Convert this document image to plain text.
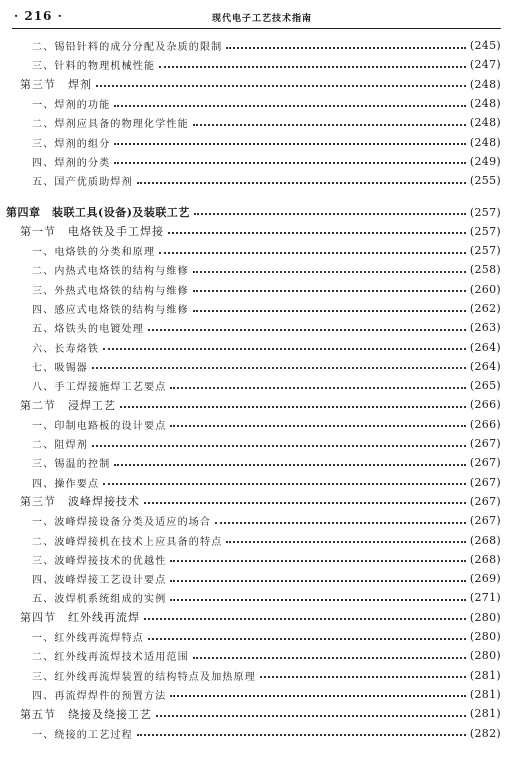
· 216 ·	现代电子工艺技术指南
二、锡铅针料的成分分配及杂质的限制	(245)
三、针料的物理机械性能	(247)
第三节　焊剂	(248)
一、焊剂的功能	(248)
二、焊剂应具备的物理化学性能	(248)
三、焊剂的组分	(248)
四、焊剂的分类	(249)
五、国产优质助焊剂	(255)
第四章　装联工具(设备)及装联工艺	(257)
第一节　电烙铁及手工焊接	(257)
一、电烙铁的分类和原理	(257)
二、内热式电烙铁的结构与维修	(258)
三、外热式电烙铁的结构与维修	(260)
四、感应式电烙铁的结构与维修	(262)
五、烙铁头的电镀处理	(263)
六、长寿烙铁	(264)
七、吸锡器	(264)
八、手工焊接施焊工艺要点	(265)
第二节　浸焊工艺	(266)
一、印制电路板的设计要点	(266)
二、阻焊剂	(267)
三、锡温的控制	(267)
四、操作要点	(267)
第三节　波峰焊接技术	(267)
一、波峰焊接设备分类及适应的场合	(267)
二、波峰焊接机在技术上应具备的特点	(268)
三、波峰焊接技术的优越性	(268)
四、波峰焊接工艺设计要点	(269)
五、波焊机系统组成的实例	(271)
第四节　红外线再流焊	(280)
一、红外线再流焊特点	(280)
二、红外线再流焊技术适用范围	(280)
三、红外线再流焊装置的结构特点及加热原理	(281)
四、再流焊焊件的预置方法	(281)
第五节　绕接及绕接工艺	(281)
一、绕接的工艺过程	(282)
